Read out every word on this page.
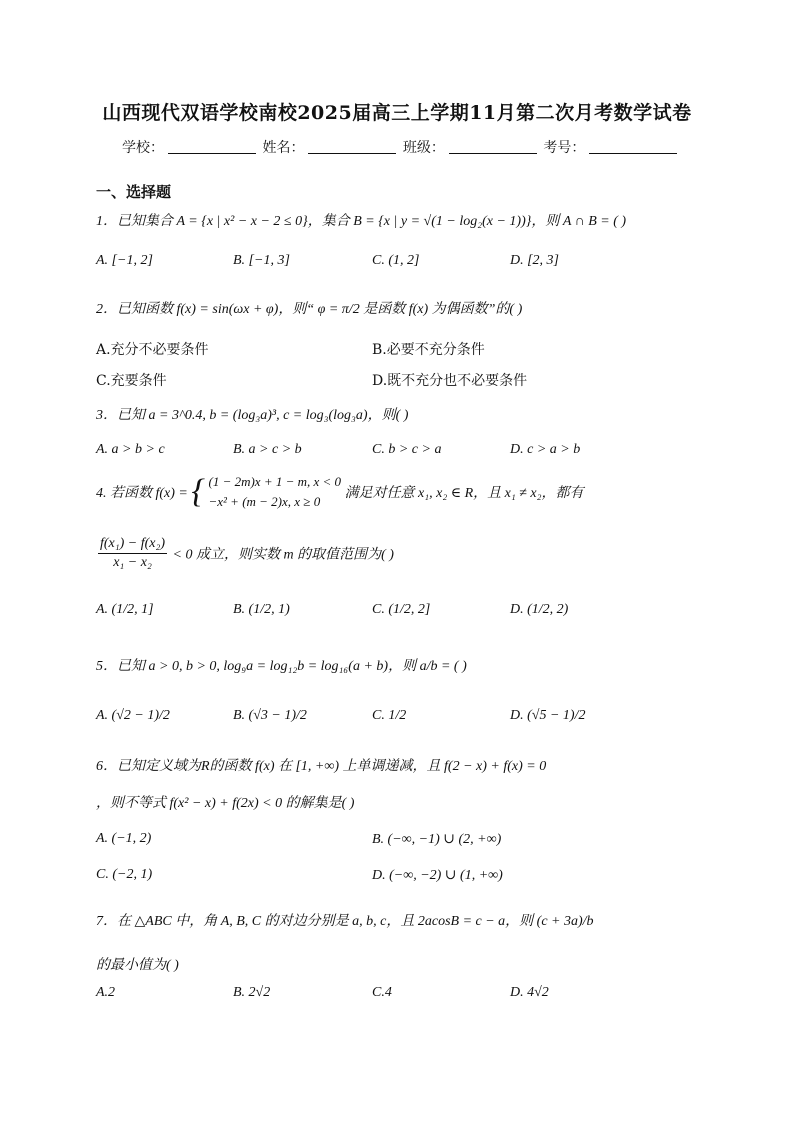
山西现代双语学校南校2025届高三上学期11月第二次月考数学试卷
学校：	姓名：	班级：	考号：
一、选择题
1．已知集合 A = {x | x² − x − 2 ≤ 0}，集合 B = {x | y = √(1 − log₂(x − 1))}，则 A ∩ B = ( )
A. [−1, 2]	B. [−1, 3]	C. (1, 2]	D. [2, 3]
2．已知函数 f(x) = sin(ωx + φ)，则“ φ = π/2 是函数 f(x) 为偶函数”的( )
A.充分不必要条件	B.必要不充分条件
C.充要条件	D.既不充分也不必要条件
3．已知 a = 3^0.4, b = (log₃a)³, c = log₃(log₃a)，则( )
A. a > b > c	B. a > c > b	C. b > c > a	D. c > a > b
4. 若函数 f(x) = { (1 − 2m)x + 1 − m, x < 0
−x² + (m − 2)x, x ≥ 0
满足对任意 x₁, x₂ ∈ R，且 x₁ ≠ x₂，都有
$\frac{\text{f(x₁) − f(x₂)}}{\text{x₁ − x₂}} < 0$ 成立，则实数 m 的取值范围为( )
A. (1/2, 1]	B. (1/2, 1)	C. (1/2, 2]	D. (1/2, 2)
5．已知 a > 0, b > 0, log₉a = log₁₂b = log₁₆(a + b)，则 a/b = ( )
A. (√2 − 1)/2	B. (√3 − 1)/2	C. 1/2	D. (√5 − 1)/2
6．已知定义域为R的函数 f(x) 在 [1, +∞) 上单调递减，且 f(2 − x) + f(x) = 0
，则不等式 f(x² − x) + f(2x) < 0 的解集是( )
A. (−1, 2)	B. (−∞, −1) ∪ (2, +∞)
C. (−2, 1)	D. (−∞, −2) ∪ (1, +∞)
7．在 △ABC 中，角 A, B, C 的对边分别是 a, b, c，且 2acosB = c − a，则 (c + 3a)/b
的最小值为( )
A.2	B. 2√2	C.4	D. 4√2
